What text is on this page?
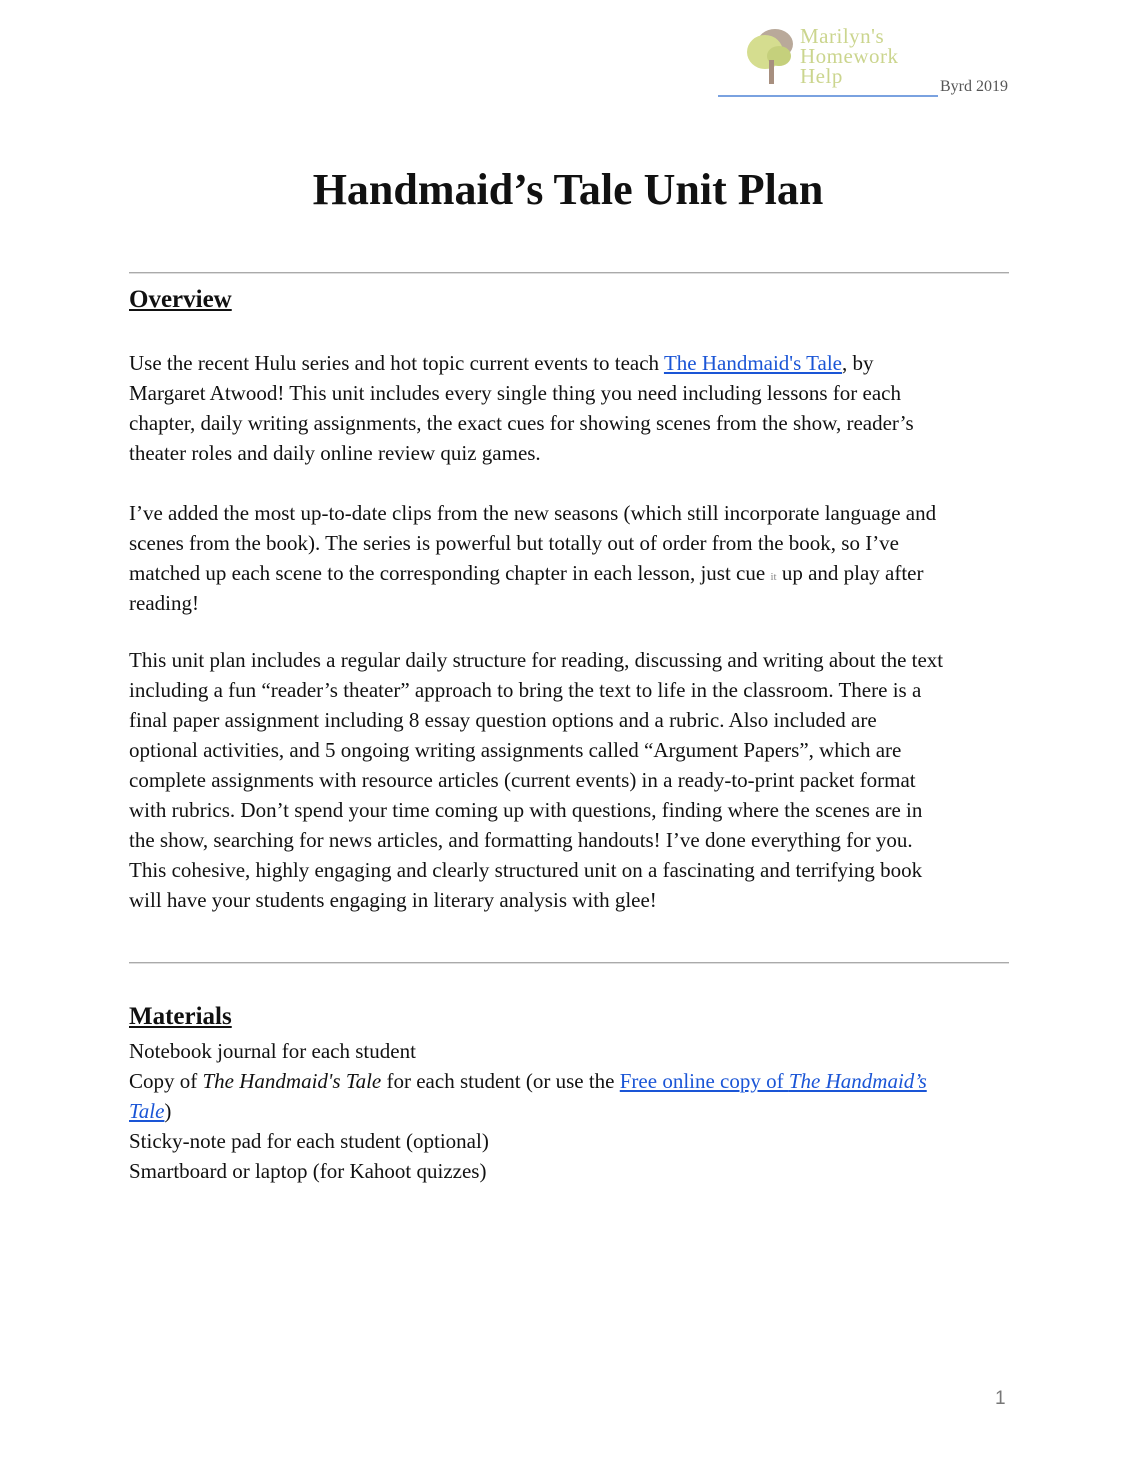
Marilyn's
Homework
Help	Byrd 2019
Handmaid’s Tale Unit Plan
Overview
Use the recent Hulu series and hot topic current events to teach The Handmaid's Tale, by
Margaret Atwood! This unit includes every single thing you need including lessons for each
chapter, daily writing assignments, the exact cues for showing scenes from the show, reader’s
theater roles and daily online review quiz games.
I’ve added the most up-to-date clips from the new seasons (which still incorporate language and
scenes from the book). The series is powerful but totally out of order from the book, so I’ve
matched up each scene to the corresponding chapter in each lesson, just cue it up and play after
reading!
This unit plan includes a regular daily structure for reading, discussing and writing about the text
including a fun “reader’s theater” approach to bring the text to life in the classroom. There is a
final paper assignment including 8 essay question options and a rubric. Also included are
optional activities, and 5 ongoing writing assignments called “Argument Papers”, which are
complete assignments with resource articles (current events) in a ready-to-print packet format
with rubrics. Don’t spend your time coming up with questions, finding where the scenes are in
the show, searching for news articles, and formatting handouts! I’ve done everything for you.
This cohesive, highly engaging and clearly structured unit on a fascinating and terrifying book
will have your students engaging in literary analysis with glee!
Materials
Notebook journal for each student
Copy of The Handmaid's Tale for each student (or use the Free online copy of The Handmaid’s
Tale)
Sticky-note pad for each student (optional)
Smartboard or laptop (for Kahoot quizzes)
1
